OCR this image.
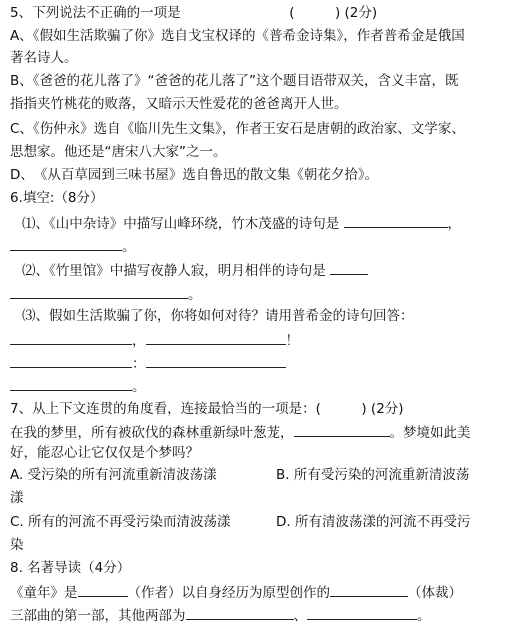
5、下列说法不正确的一项是	(　　　) (2分)
A、《假如生活欺骗了你》选自戈宝权译的《普希金诗集》，作者普希金是俄国
著名诗人。
B、《爸爸的花儿落了》“爸爸的花儿落了”这个题目语带双关，含义丰富，既
指指夹竹桃花的败落，又暗示天性爱花的爸爸离开人世。
C、《伤仲永》选自《临川先生文集》，作者王安石是唐朝的政治家、文学家、
思想家。他还是“唐宋八大家”之一。
D、　《从百草园到三味书屋》选自鲁迅的散文集《朝花夕拾》。
6.填空:（8分）
⑴、《山中杂诗》中描写山峰环绕，竹木茂盛的诗句是	，
。
⑵、《竹里馆》中描写夜静人寂，明月相伴的诗句是
。
⑶、假如生活欺骗了你，你将如何对待？请用普希金的诗句回答：
，	！
：
。
7、从上下文连贯的角度看，连接最恰当的一项是：(　　　) (2分)
在我的梦里，所有被砍伐的森林重新绿叶葱茏，	。梦境如此美
好，能忍心让它仅仅是个梦吗？
A. 受污染的所有河流重新清波荡漾	B. 所有受污染的河流重新清波荡
漾
C. 所有的河流不再受污染而清波荡漾	D. 所有清波荡漾的河流不再受污
染
8. 名著导读（4分）
《童年》是	（作者）以自身经历为原型创作的	（体裁）
三部曲的第一部，其他两部为	、	。
